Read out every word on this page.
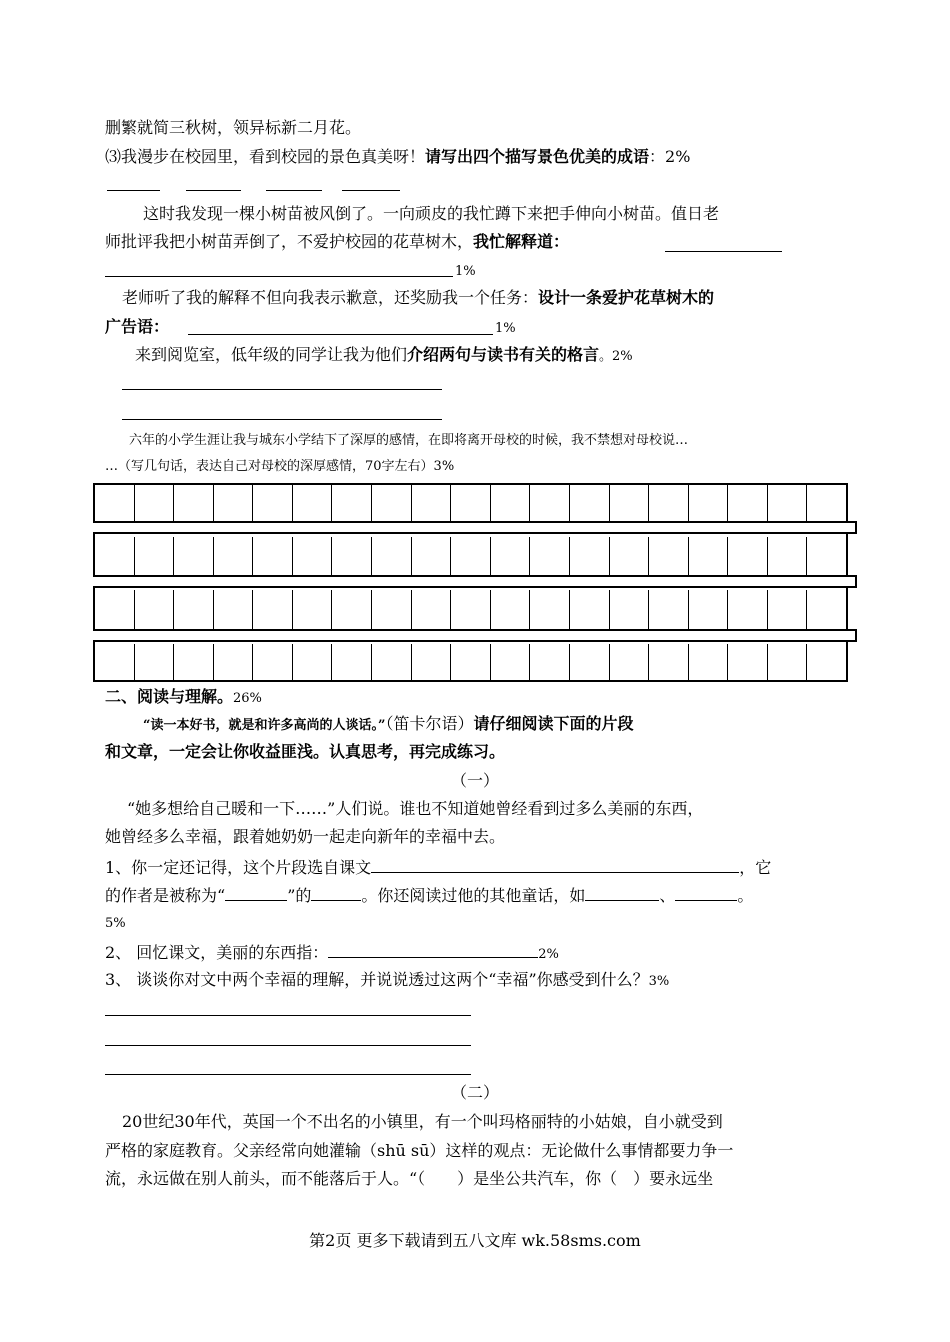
删繁就简三秋树，领异标新二月花。
⑶我漫步在校园里，看到校园的景色真美呀！请写出四个描写景色优美的成语：2%
这时我发现一棵小树苗被风倒了。一向顽皮的我忙蹲下来把手伸向小树苗。值日老
师批评我把小树苗弄倒了，不爱护校园的花草树木，我忙解释道：
1%
老师听了我的解释不但向我表示歉意，还奖励我一个任务：设计一条爱护花草树木的
广告语：	1%
来到阅览室，低年级的同学让我为他们介绍两句与读书有关的格言。2%
六年的小学生涯让我与城东小学结下了深厚的感情，在即将离开母校的时候，我不禁想对母校说…
…（写几句话，表达自己对母校的深厚感情，70字左右）3%
二、阅读与理解。26%
“读一本好书，就是和许多高尚的人谈话。”（笛卡尔语）请仔细阅读下面的片段
和文章，一定会让你收益匪浅。认真思考，再完成练习。
（一）
“她多想给自己暖和一下……”人们说。谁也不知道她曾经看到过多么美丽的东西，
她曾经多么幸福，跟着她奶奶一起走向新年的幸福中去。
1、你一定还记得，这个片段选自课文	，它
的作者是被称为“	”的	。你还阅读过他的其他童话，如	、	。
5%
2、 回忆课文，美丽的东西指：	2%
3、 谈谈你对文中两个幸福的理解，并说说透过这两个“幸福”你感受到什么？3%
（二）
20世纪30年代，英国一个不出名的小镇里，有一个叫玛格丽特的小姑娘，自小就受到
严格的家庭教育。父亲经常向她灌输（shū sū）这样的观点：无论做什么事情都要力争一
流，永远做在别人前头，而不能落后于人。“（　　）是坐公共汽车，你（　）要永远坐
第2页 更多下载请到五八文库 wk.58sms.com
